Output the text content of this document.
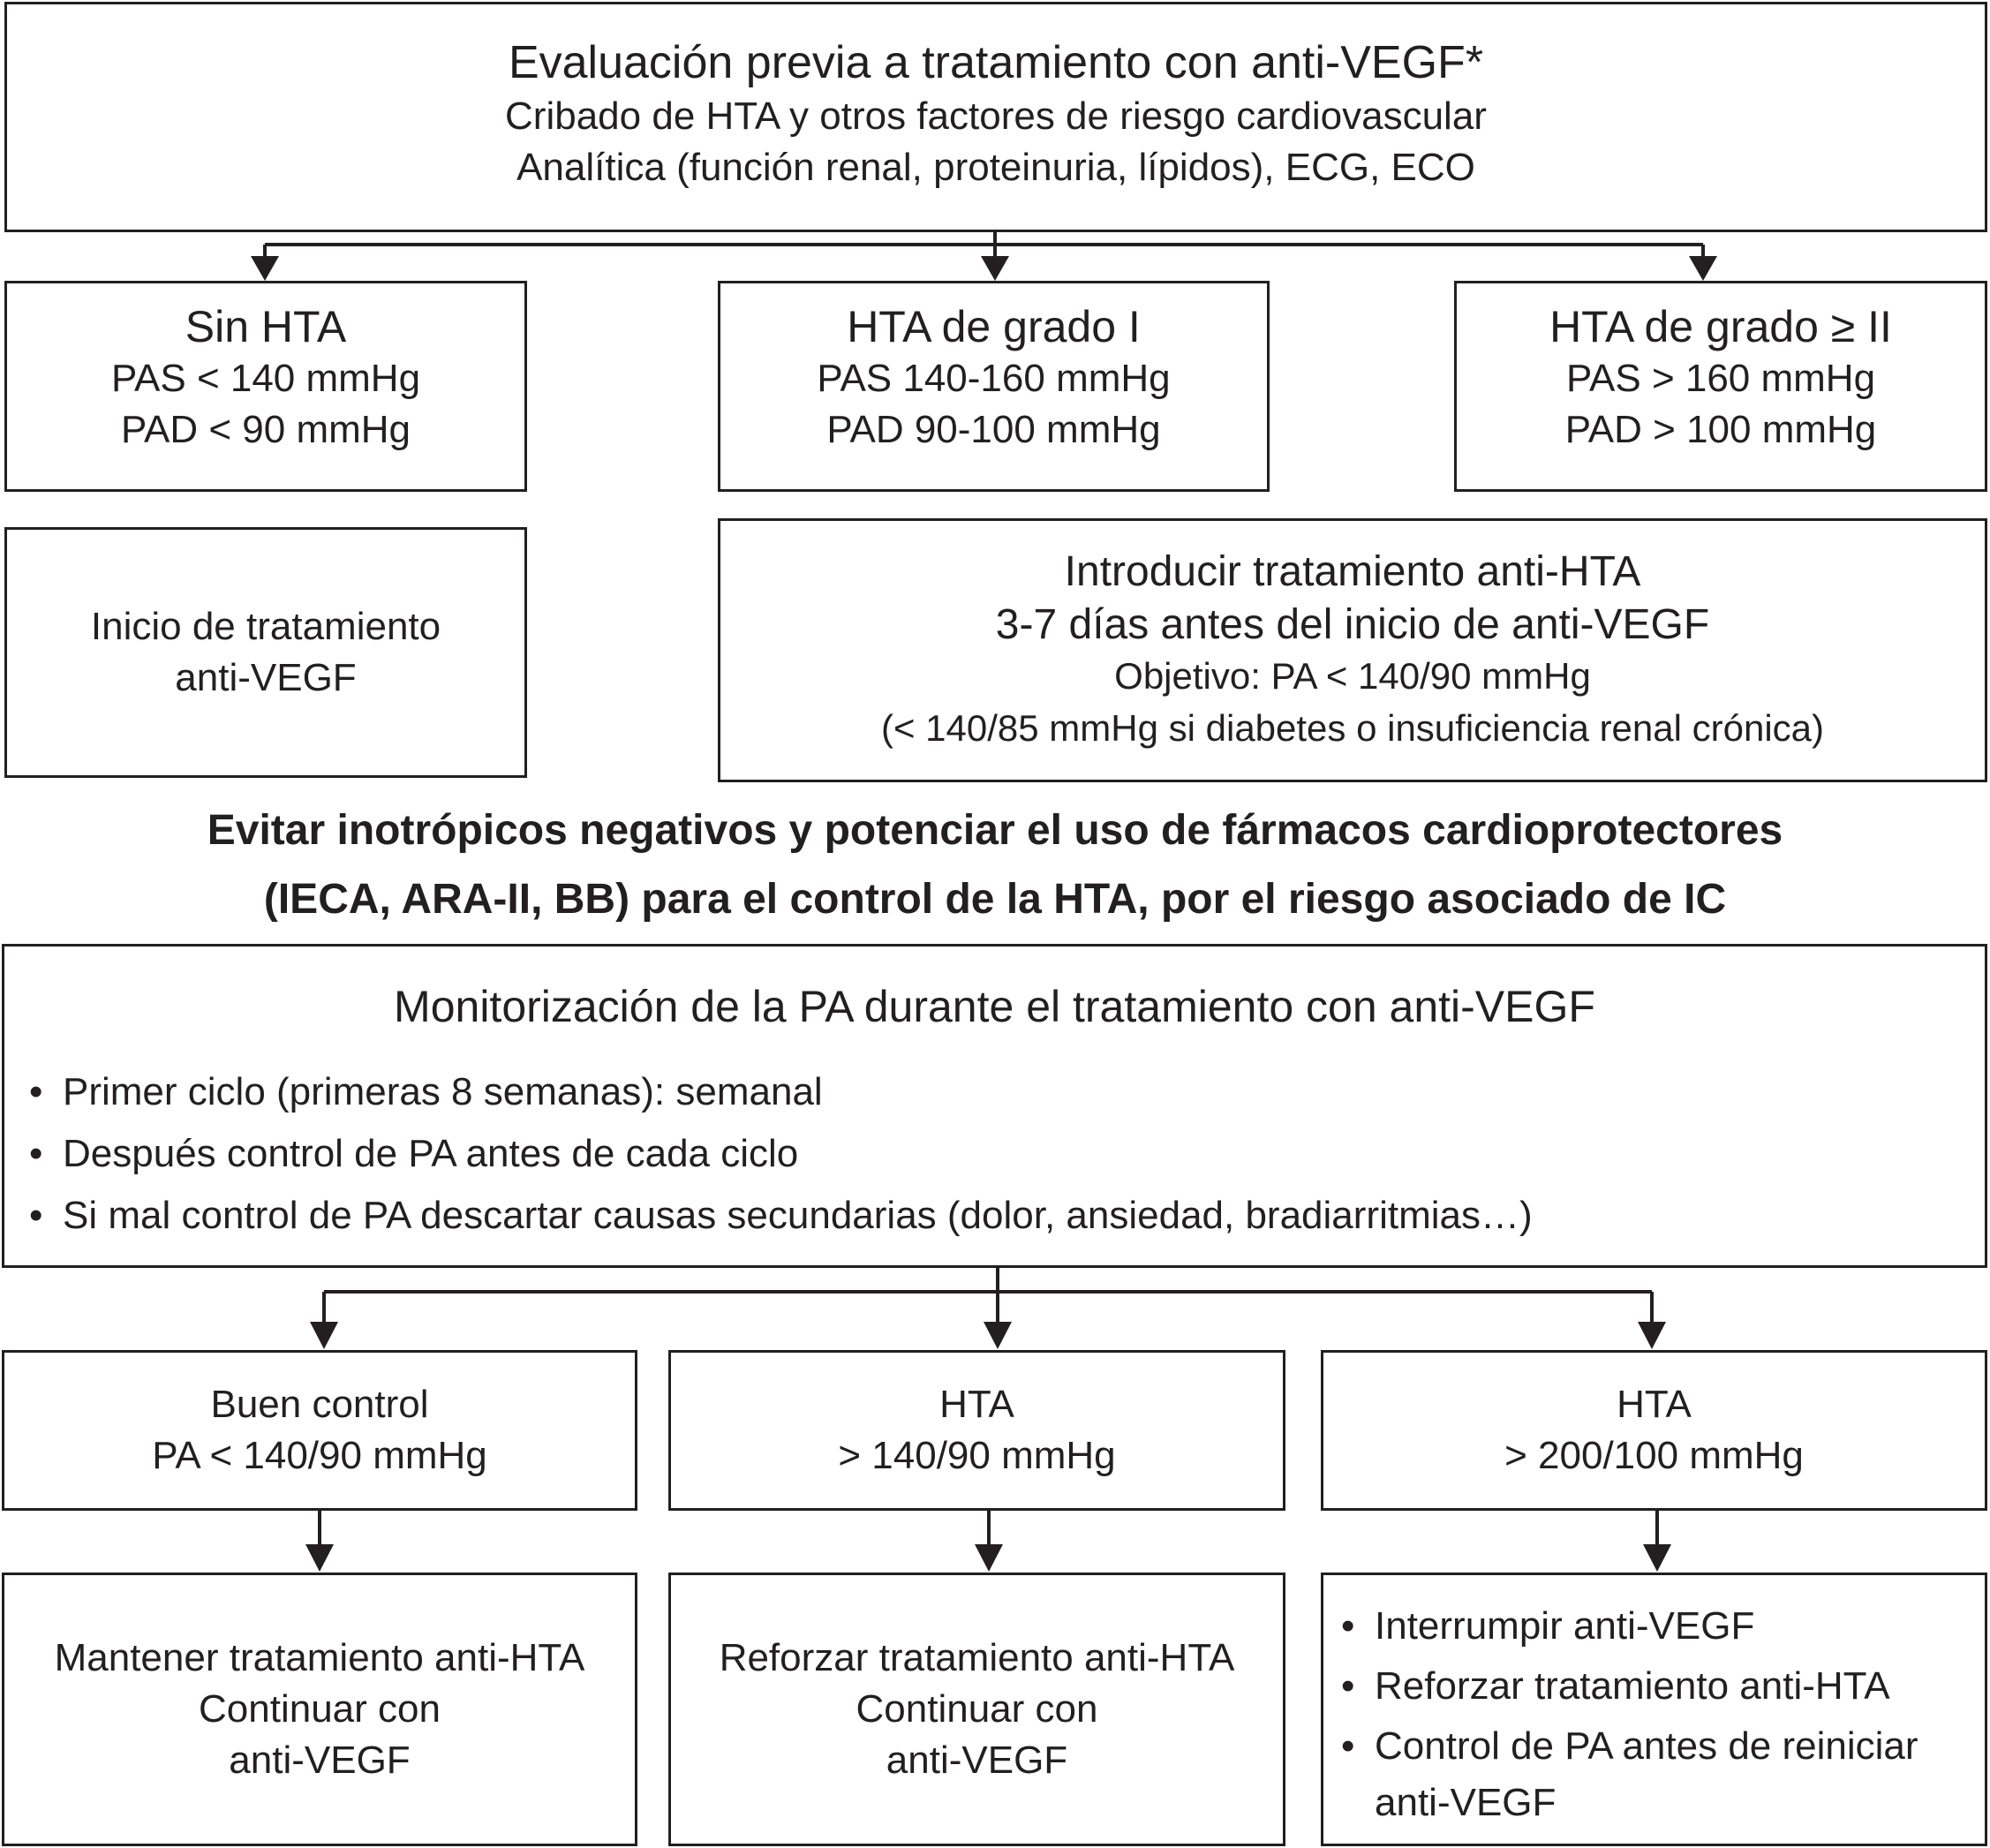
Evaluación previa a tratamiento con anti-VEGF*
Cribado de HTA y otros factores de riesgo cardiovascular
Analítica (función renal, proteinuria, lípidos), ECG, ECO
Sin HTA
PAS < 140 mmHg
PAD < 90 mmHg
HTA de grado I
PAS 140-160 mmHg
PAD 90-100 mmHg
HTA de grado ≥ II
PAS > 160 mmHg
PAD > 100 mmHg
Inicio de tratamiento
anti-VEGF
Introducir tratamiento anti-HTA
3-7 días antes del inicio de anti-VEGF
Objetivo: PA < 140/90 mmHg
(< 140/85 mmHg si diabetes o insuficiencia renal crónica)
Evitar inotrópicos negativos y potenciar el uso de fármacos cardioprotectores
(IECA, ARA-II, BB) para el control de la HTA, por el riesgo asociado de IC
Monitorización de la PA durante el tratamiento con anti-VEGF
• Primer ciclo (primeras 8 semanas): semanal
• Después control de PA antes de cada ciclo
• Si mal control de PA descartar causas secundarias (dolor, ansiedad, bradiarritmias…)
Buen control
PA < 140/90 mmHg
HTA
> 140/90 mmHg
HTA
> 200/100 mmHg
Mantener tratamiento anti-HTA
Continuar con
anti-VEGF
Reforzar tratamiento anti-HTA
Continuar con
anti-VEGF
• Interrumpir anti-VEGF
• Reforzar tratamiento anti-HTA
• Control de PA antes de reiniciar
anti-VEGF
